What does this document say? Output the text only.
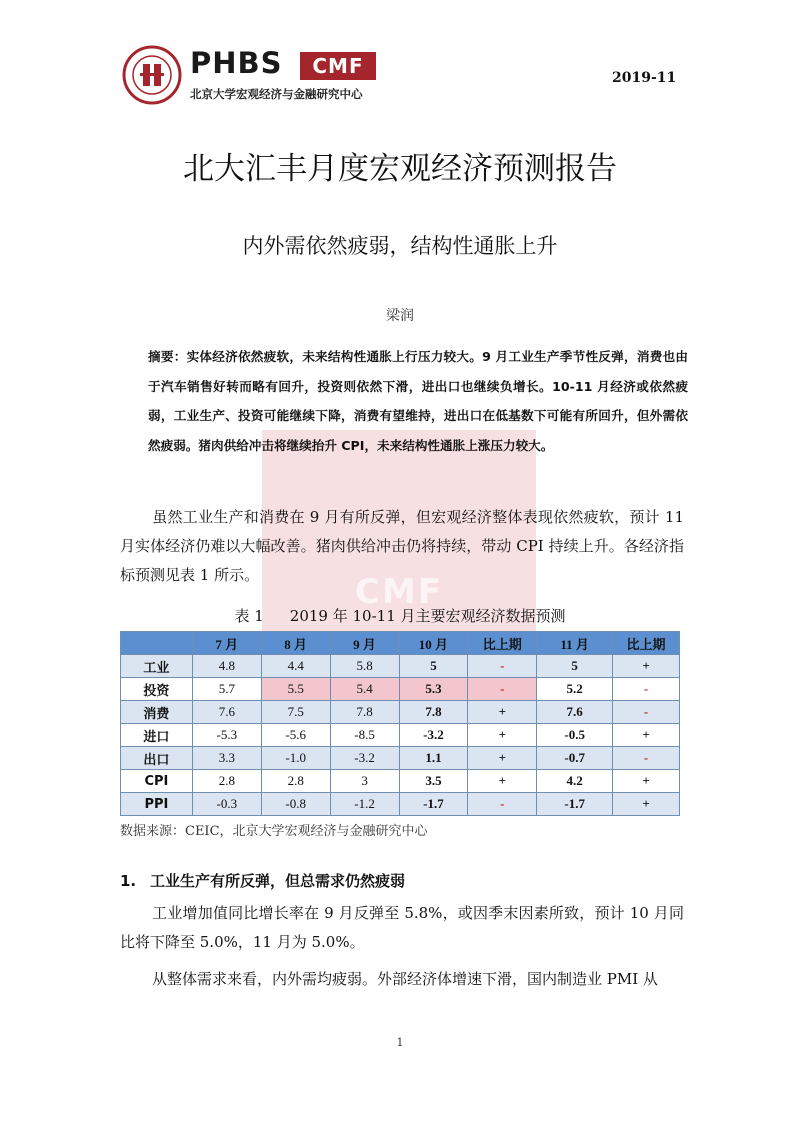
CMF
PHBS	CMF
北京大学宏观经济与金融研究中心
2019-11
北大汇丰月度宏观经济预测报告
内外需依然疲弱，结构性通胀上升
梁润
摘要：实体经济依然疲软，未来结构性通胀上行压力较大。9 月工业生产季节性反弹，消费也由于汽车销售好转而略有回升，投资则依然下滑，进出口也继续负增长。10-11 月经济或依然疲弱，工业生产、投资可能继续下降，消费有望维持，进出口在低基数下可能有所回升，但外需依然疲弱。猪肉供给冲击将继续抬升 CPI，未来结构性通胀上涨压力较大。
虽然工业生产和消费在 9 月有所反弹，但宏观经济整体表现依然疲软，预计 11 月实体经济仍难以大幅改善。猪肉供给冲击仍将持续，带动 CPI 持续上升。各经济指标预测见表 1 所示。
表 1 2019 年 10-11 月主要宏观经济数据预测
	7 月	8 月	9 月	10 月	比上期	11 月	比上期
工业	4.8	4.4	5.8	5	-	5	+
投资	5.7	5.5	5.4	5.3	-	5.2	-
消费	7.6	7.5	7.8	7.8	+	7.6	-
进口	-5.3	-5.6	-8.5	-3.2	+	-0.5	+
出口	3.3	-1.0	-3.2	1.1	+	-0.7	-
CPI	2.8	2.8	3	3.5	+	4.2	+
PPI	-0.3	-0.8	-1.2	-1.7	-	-1.7	+
数据来源：CEIC，北京大学宏观经济与金融研究中心
1. 工业生产有所反弹，但总需求仍然疲弱
工业增加值同比增长率在 9 月反弹至 5.8%，或因季末因素所致，预计 10 月同比将下降至 5.0%，11 月为 5.0%。
从整体需求来看，内外需均疲弱。外部经济体增速下滑，国内制造业 PMI 从
1
